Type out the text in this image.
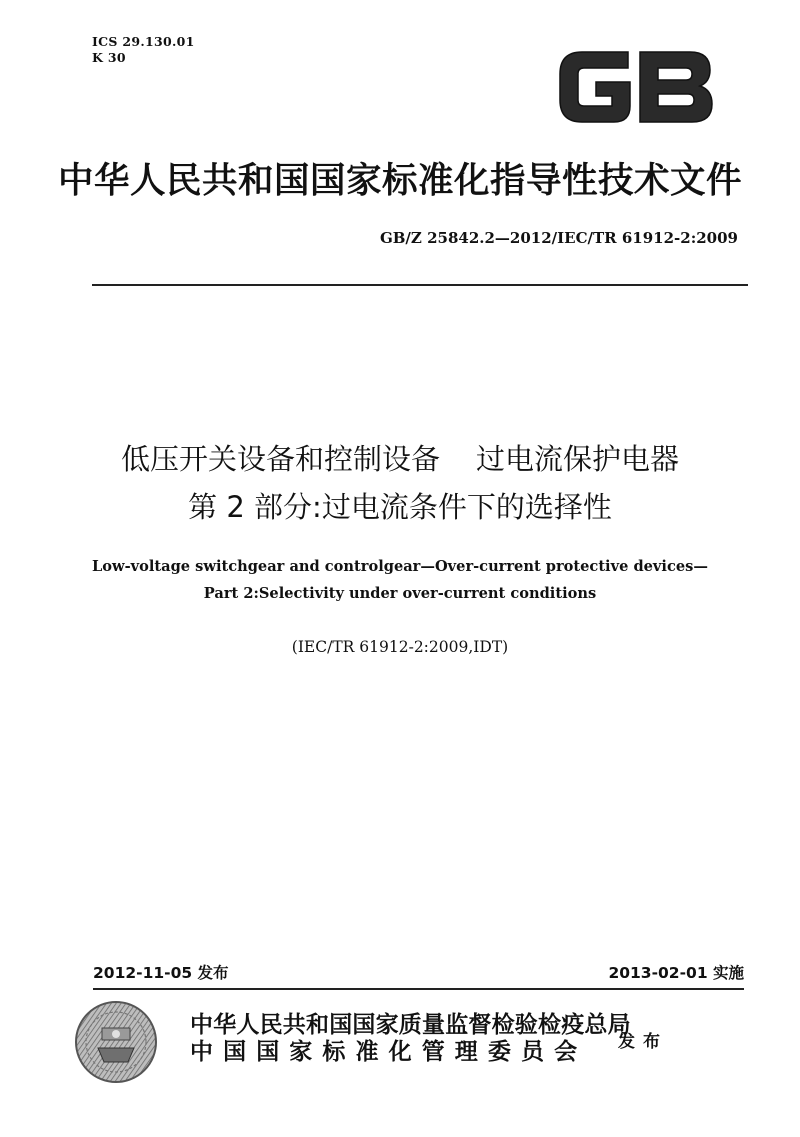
ICS 29.130.01
K 30
中华人民共和国国家标准化指导性技术文件
GB/Z 25842.2—2012/IEC/TR 61912-2:2009
低压开关设备和控制设备 过电流保护电器
第 2 部分:过电流条件下的选择性
Low-voltage switchgear and controlgear—Over-current protective devices—
Part 2:Selectivity under over-current conditions
(IEC/TR 61912-2:2009,IDT)
2012-11-05 发布	2013-02-01 实施
中华人民共和国国家质量监督检验检疫总局
中国国家标准化管理委员会	发布
